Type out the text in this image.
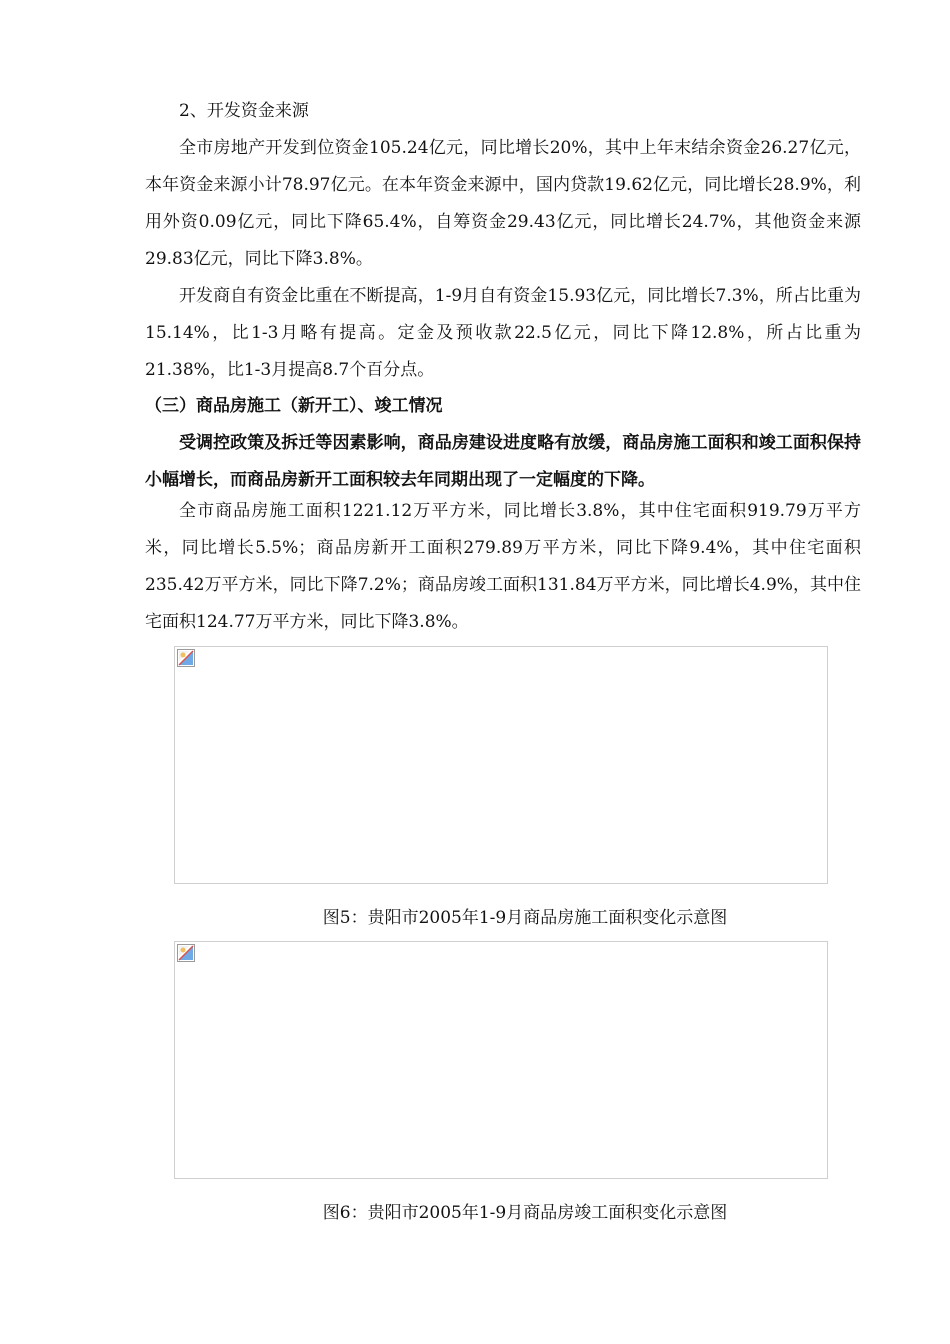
2、开发资金来源

全市房地产开发到位资金105.24亿元，同比增长20%，其中上年末结余资金26.27亿元，本年资金来源小计78.97亿元。在本年资金来源中，国内贷款19.62亿元，同比增长28.9%，利用外资0.09亿元，同比下降65.4%，自筹资金29.43亿元，同比增长24.7%，其他资金来源29.83亿元，同比下降3.8%。

开发商自有资金比重在不断提高，1-9月自有资金15.93亿元，同比增长7.3%，所占比重为15.14%，比1-3月略有提高。定金及预收款22.5亿元，同比下降12.8%，所占比重为21.38%，比1-3月提高8.7个百分点。

（三）商品房施工（新开工）、竣工情况

受调控政策及拆迁等因素影响，商品房建设进度略有放缓，商品房施工面积和竣工面积保持小幅增长，而商品房新开工面积较去年同期出现了一定幅度的下降。

全市商品房施工面积1221.12万平方米，同比增长3.8%，其中住宅面积919.79万平方米，同比增长5.5%；商品房新开工面积279.89万平方米，同比下降9.4%，其中住宅面积235.42万平方米，同比下降7.2%；商品房竣工面积131.84万平方米，同比增长4.9%，其中住宅面积124.77万平方米，同比下降3.8%。

图5：贵阳市2005年1-9月商品房施工面积变化示意图
图6：贵阳市2005年1-9月商品房竣工面积变化示意图
